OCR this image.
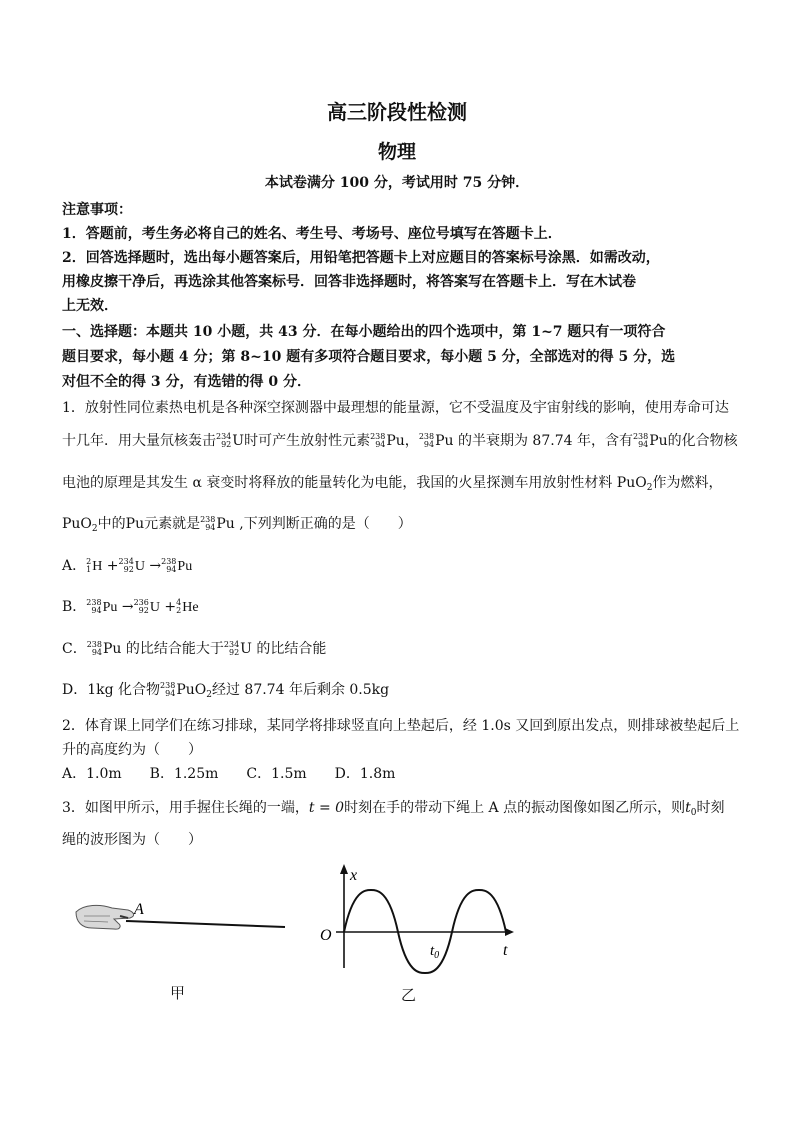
高三阶段性检测
物理
本试卷满分 100 分，考试用时 75 分钟．
注意事项：
1．答题前，考生务必将自己的姓名、考生号、考场号、座位号填写在答题卡上．
2．回答选择题时，选出每小题答案后，用铅笔把答题卡上对应题目的答案标号涂黑．如需改动，
用橡皮擦干净后，再选涂其他答案标号．回答非选择题时，将答案写在答题卡上．写在木试卷
上无效．
一、选择题：本题共 10 小题，共 43 分．在每小题给出的四个选项中，第 1~7 题只有一项符合
题目要求，每小题 4 分；第 8~10 题有多项符合题目要求，每小题 5 分，全部选对的得 5 分，选
对但不全的得 3 分，有选错的得 0 分．
1．放射性同位素热电机是各种深空探测器中最理想的能量源，它不受温度及宇宙射线的影响，使用寿命可达
十几年．用大量氘核轰击 234
92 U时可产生放射性元素 238
94 Pu， 238
94 Pu 的半衰期为 87.74 年，含有 238
94 Pu的化合物核
电池的原理是其发生 α 衰变时将释放的能量转化为电能，我国的火星探测车用放射性材料 PuO$_2$作为燃料，
PuO$_2$中的Pu元素就是 238
94 Pu ,下列判断正确的是（　　）
A． 2
1 H + 234
92 U → 238
94 Pu
B． 238
94 Pu → 236
92 U + 4
2 He
C． 238
94 Pu 的比结合能大于 234
92 U 的比结合能
D．1kg 化合物 238
94 PuO$_2$经过 87.74 年后剩余 0.5kg
2．体育课上同学们在练习排球，某同学将排球竖直向上垫起后，经 1.0s 又回到原出发点，则排球被垫起后上
升的高度约为（　　）
A．1.0m　　B．1.25m　　C．1.5m　　D．1.8m
3．如图甲所示，用手握住长绳的一端，t = 0时刻在手的带动下绳上 A 点的振动图像如图乙所示，则$t_0$时刻
绳的波形图为（　　）
A
甲
x
t
O
$t_0$
乙
